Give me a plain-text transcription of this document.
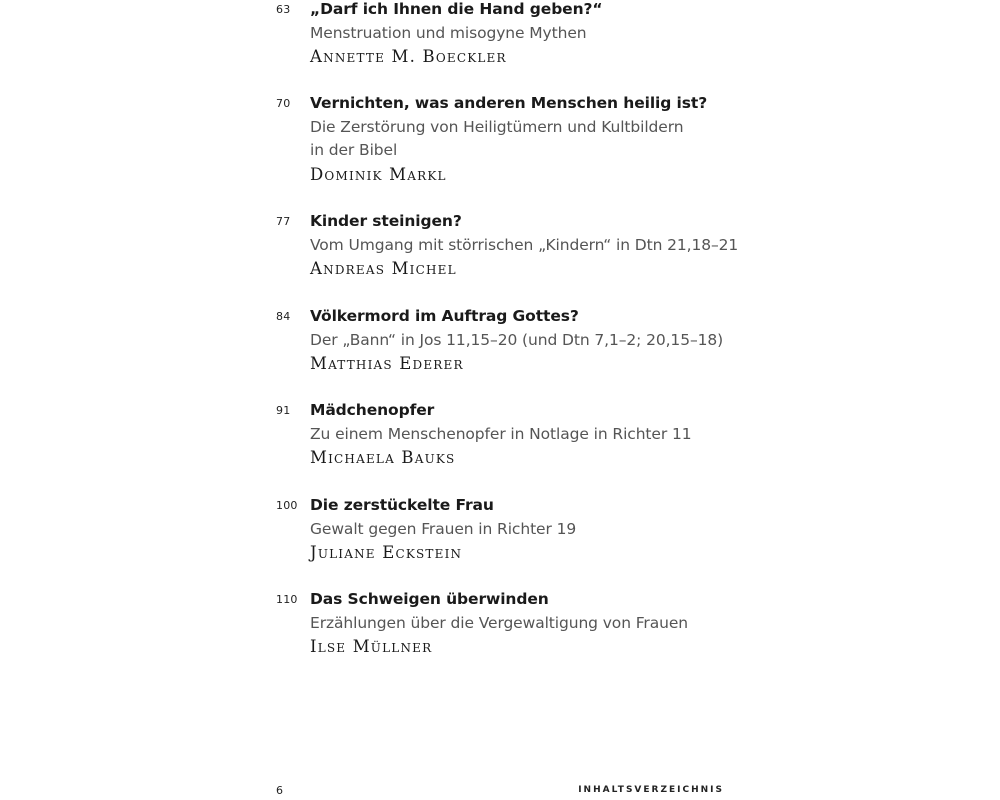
63 „Darf ich Ihnen die Hand geben?“
Menstruation und misogyne Mythen
Annette M. Boeckler
70 Vernichten, was anderen Menschen heilig ist?
Die Zerstörung von Heiligtümern und Kultbildern
in der Bibel
Dominik Markl
77 Kinder steinigen?
Vom Umgang mit störrischen „Kindern“ in Dtn 21,18–21
Andreas Michel
84 Völkermord im Auftrag Gottes?
Der „Bann“ in Jos 11,15–20 (und Dtn 7,1–2; 20,15–18)
Matthias Ederer
91 Mädchenopfer
Zu einem Menschenopfer in Notlage in Richter 11
Michaela Bauks
100 Die zerstückelte Frau
Gewalt gegen Frauen in Richter 19
Juliane Eckstein
110 Das Schweigen überwinden
Erzählungen über die Vergewaltigung von Frauen
Ilse Müllner
6	INHALTSVERZEICHNIS
